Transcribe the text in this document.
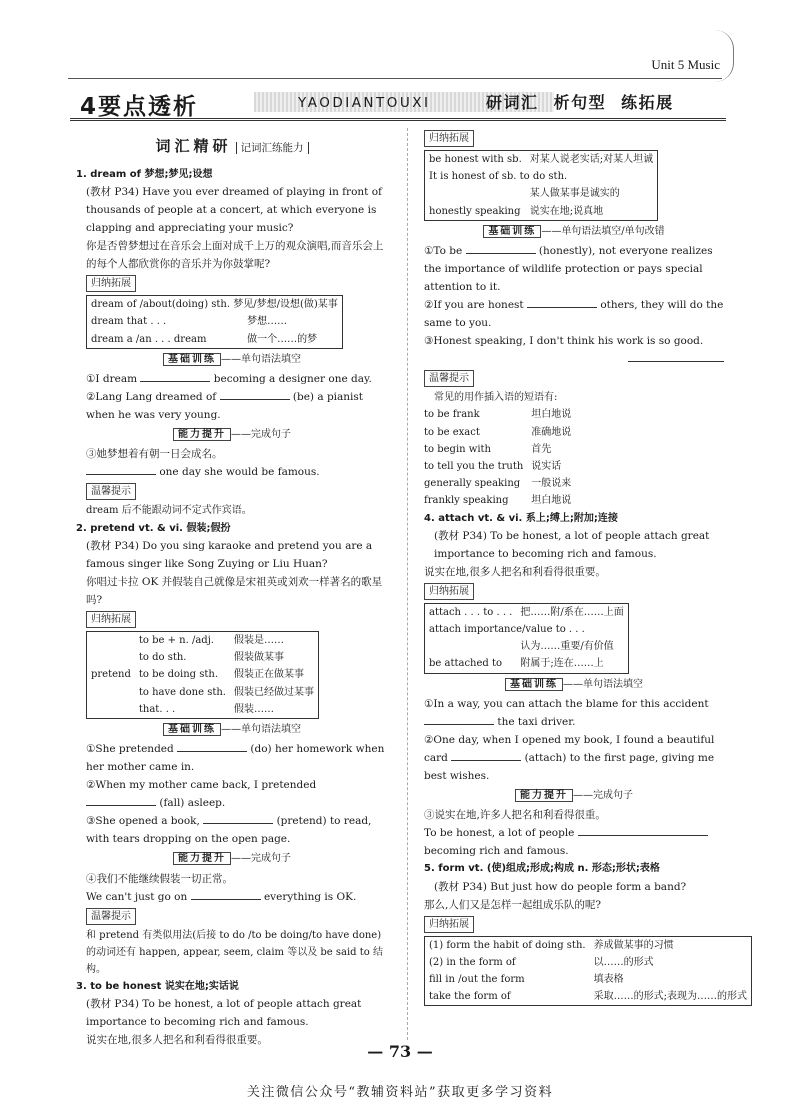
Unit 5 Music
4要点透析	YAODIANTOUXI	研词汇 析句型 练拓展
词汇精研 记词汇练能力

1. dream of 梦想;梦见;设想

(教材 P34) Have you ever dreamed of playing in front of thousands of people at a concert, at which everyone is clapping and appreciating your music?

你是否曾梦想过在音乐会上面对成千上万的观众演唱,而音乐会上的每个人都欣赏你的音乐并为你鼓掌呢?

归纳拓展
dream of /about(doing) sth. 梦见/梦想/设想(做)某事	
dream that . . .	梦想……
dream a /an . . . dream	做一个……的梦
基础训练 ——单句语法填空

①I dream	becoming a designer one day.

②Lang Lang dreamed of	(be) a pianist when he was very young.

能力提升 ——完成句子

③她梦想着有朝一日会成名。

one day she would be famous.

温馨提示

dream 后不能跟动词不定式作宾语。

2. pretend vt. & vi. 假装;假扮

(教材 P34) Do you sing karaoke and pretend you are a famous singer like Song Zuying or Liu Huan?

你唱过卡拉 OK 并假装自己就像是宋祖英或刘欢一样著名的歌星吗?

归纳拓展
pretend	to be + n. /adj.	假装是……
	to do sth.	假装做某事
	to be doing sth.	假装正在做某事
	to have done sth.	假装已经做过某事
	that. . .	假装……
基础训练 ——单句语法填空

①She pretended	(do) her homework when her mother came in.

②When my mother came back, I pretended  (fall) asleep.

③She opened a book,	(pretend) to read, with tears dropping on the open page.

能力提升 ——完成句子

④我们不能继续假装一切正常。

We can't just go on	everything is OK.

温馨提示

和 pretend 有类似用法(后接 to do /to be doing/to have done)的动词还有 happen, appear, seem, claim 等以及 be said to 结构。

3. to be honest 说实在地;实话说

(教材 P34) To be honest, a lot of people attach great importance to becoming rich and famous.

说实在地,很多人把名和利看得很重要。

归纳拓展
be honest with sb.	对某人说老实话;对某人坦诚
It is honest of sb. to do sth.	
	某人做某事是诚实的
honestly speaking	说实在地;说真地
基础训练 ——单句语法填空/单句改错

①To be	(honestly), not everyone realizes the importance of wildlife protection or pays special attention to it.

②If you are honest	others, they will do the same to you.

③Honest speaking, I don't think his work is so good.

温馨提示

常见的用作插入语的短语有:

to be frank	坦白地说
to be exact	准确地说
to begin with	首先
to tell you the truth	说实话
generally speaking	一般说来
frankly speaking	坦白地说

4. attach vt. & vi. 系上;缚上;附加;连接

(教材 P34) To be honest, a lot of people attach great importance to becoming rich and famous.

说实在地,很多人把名和利看得很重要。

归纳拓展
attach . . . to . . .	把……附/系在……上面
attach importance/value to . . .	
	认为……重要/有价值
be attached to	附属于;连在……上
基础训练 ——单句语法填空

①In a way, you can attach the blame for this accident  the taxi driver.

②One day, when I opened my book, I found a beautiful card	(attach) to the first page, giving me best wishes.

能力提升 ——完成句子

③说实在地,许多人把名和利看得很重。

To be honest, a lot of people

becoming rich and famous.

5. form vt. (使)组成;形成;构成 n. 形态;形状;表格

(教材 P34) But just how do people form a band?

那么,人们又是怎样一起组成乐队的呢?

归纳拓展
(1) form the habit of doing sth.	养成做某事的习惯
(2) in the form of	以……的形式
fill in /out the form	填表格
take the form of	采取……的形式;表现为……的形式
— 73 —
关注微信公众号“教辅资料站”获取更多学习资料
